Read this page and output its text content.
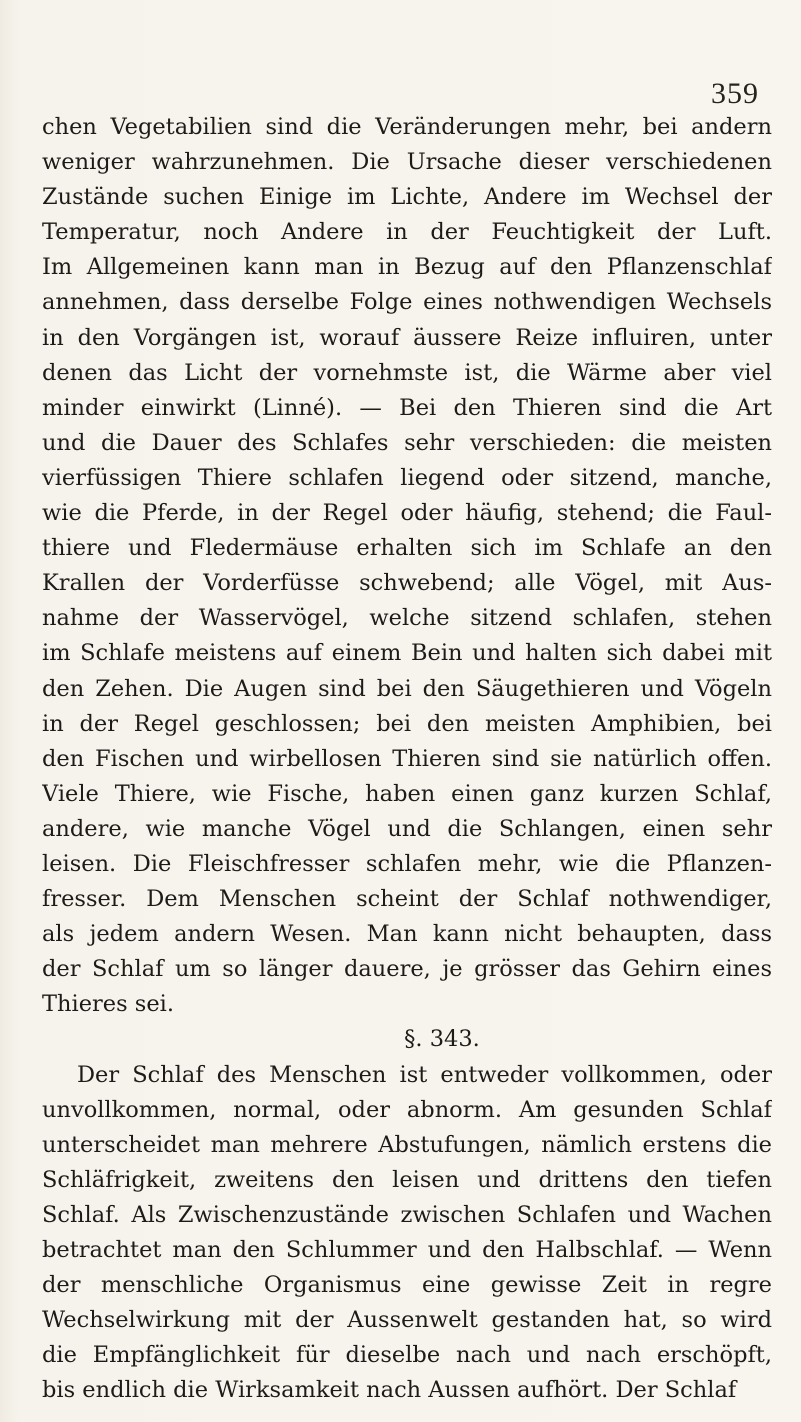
359
chen Vegetabilien sind die Veränderungen mehr, bei andern
weniger wahrzunehmen. Die Ursache dieser verschiedenen
Zustände suchen Einige im Lichte, Andere im Wechsel der
Temperatur, noch Andere in der Feuchtigkeit der Luft.
Im Allgemeinen kann man in Bezug auf den Pflanzenschlaf
annehmen, dass derselbe Folge eines nothwendigen Wechsels
in den Vorgängen ist, worauf äussere Reize influiren, unter
denen das Licht der vornehmste ist, die Wärme aber viel
minder einwirkt (Linné). — Bei den Thieren sind die Art
und die Dauer des Schlafes sehr verschieden: die meisten
vierfüssigen Thiere schlafen liegend oder sitzend, manche,
wie die Pferde, in der Regel oder häufig, stehend; die Faul-
thiere und Fledermäuse erhalten sich im Schlafe an den
Krallen der Vorderfüsse schwebend; alle Vögel, mit Aus-
nahme der Wasservögel, welche sitzend schlafen, stehen
im Schlafe meistens auf einem Bein und halten sich dabei mit
den Zehen. Die Augen sind bei den Säugethieren und Vögeln
in der Regel geschlossen; bei den meisten Amphibien, bei
den Fischen und wirbellosen Thieren sind sie natürlich offen.
Viele Thiere, wie Fische, haben einen ganz kurzen Schlaf,
andere, wie manche Vögel und die Schlangen, einen sehr
leisen. Die Fleischfresser schlafen mehr, wie die Pflanzen-
fresser. Dem Menschen scheint der Schlaf nothwendiger,
als jedem andern Wesen. Man kann nicht behaupten, dass
der Schlaf um so länger dauere, je grösser das Gehirn eines
Thieres sei.
§. 343.
Der Schlaf des Menschen ist entweder vollkommen, oder
unvollkommen, normal, oder abnorm. Am gesunden Schlaf
unterscheidet man mehrere Abstufungen, nämlich erstens die
Schläfrigkeit, zweitens den leisen und drittens den tiefen
Schlaf. Als Zwischenzustände zwischen Schlafen und Wachen
betrachtet man den Schlummer und den Halbschlaf. — Wenn
der menschliche Organismus eine gewisse Zeit in regre
Wechselwirkung mit der Aussenwelt gestanden hat, so wird
die Empfänglichkeit für dieselbe nach und nach erschöpft,
bis endlich die Wirksamkeit nach Aussen aufhört. Der Schlaf
